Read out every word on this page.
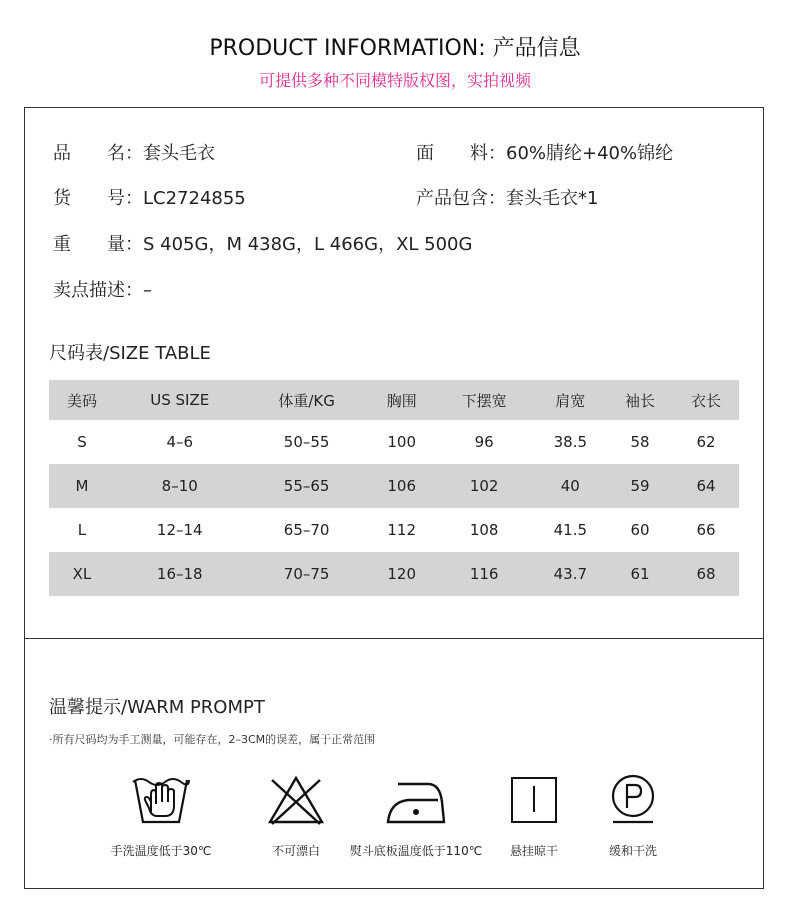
PRODUCT INFORMATION: 产品信息
可提供多种不同模特版权图，实拍视频
品　　名：套头毛衣	面　　料：60%腈纶+40%锦纶
货　　号：LC2724855	产品包含：套头毛衣*1
重　　量：S 405G，M 438G，L 466G，XL 500G
卖点描述：–
尺码表/SIZE TABLE
美码	US SIZE	体重/KG	胸围	下摆宽	肩宽	袖长	衣长
S	4–6	50–55	100	96	38.5	58	62
M	8–10	55–65	106	102	40	59	64
L	12–14	65–70	112	108	41.5	60	66
XL	16–18	70–75	120	116	43.7	61	68
温馨提示/WARM PROMPT
·所有尺码均为手工测量，可能存在，2–3CM的误差，属于正常范围
手洗温度低于30℃	不可漂白	熨斗底板温度低于110℃	悬挂晾干	缓和干洗
